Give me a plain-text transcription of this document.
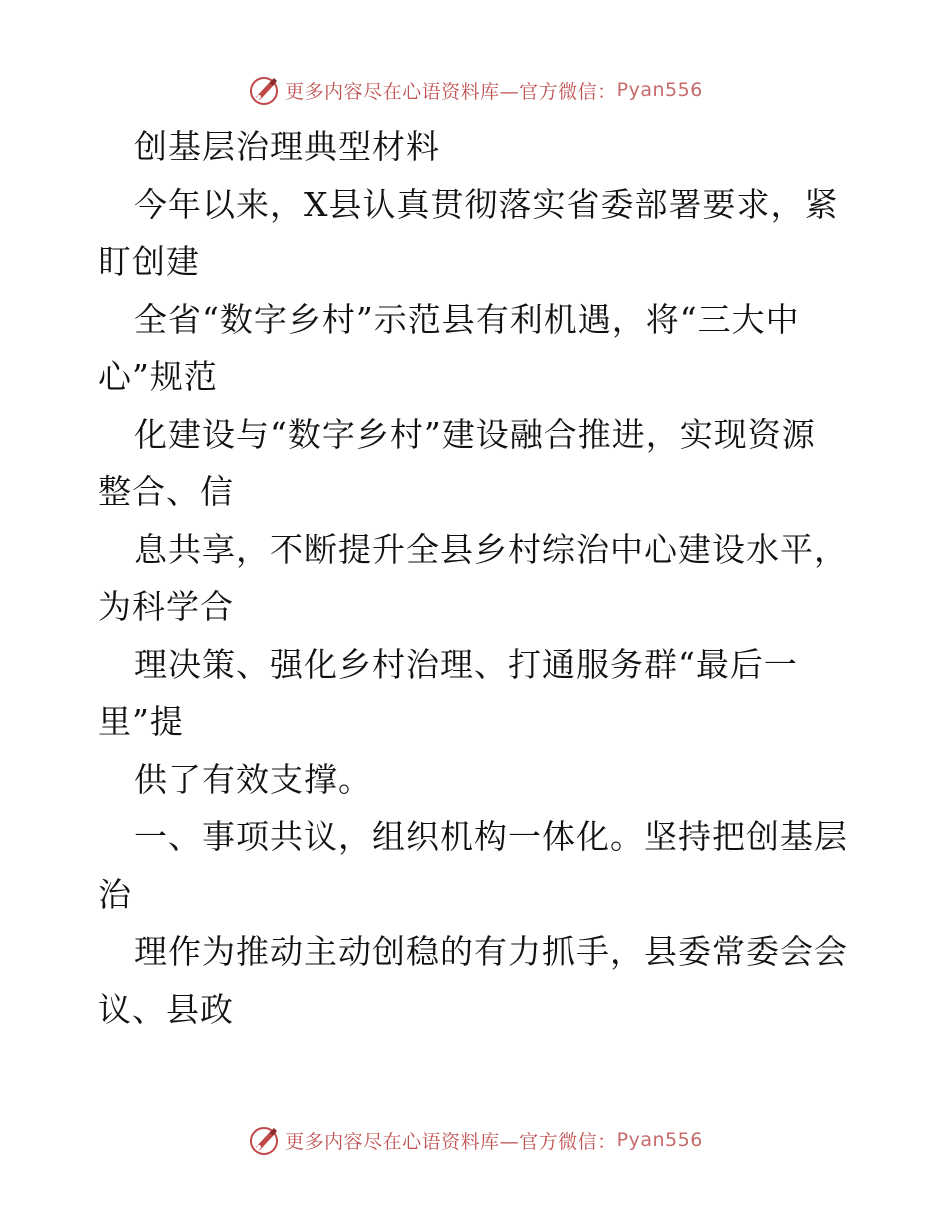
更多内容尽在心语资料库—官方微信： Pyan556
创基层治理典型材料
今年以来，X县认真贯彻落实省委部署要求，紧
盯创建
全省“数字乡村”示范县有利机遇，将“三大中
心”规范
化建设与“数字乡村”建设融合推进，实现资源
整合、信
息共享，不断提升全县乡村综治中心建设水平，
为科学合
理决策、强化乡村治理、打通服务群“最后一
里”提
供了有效支撑。
一、事项共议，组织机构一体化。坚持把创基层
治
理作为推动主动创稳的有力抓手，县委常委会会
议、县政
更多内容尽在心语资料库—官方微信： Pyan556
